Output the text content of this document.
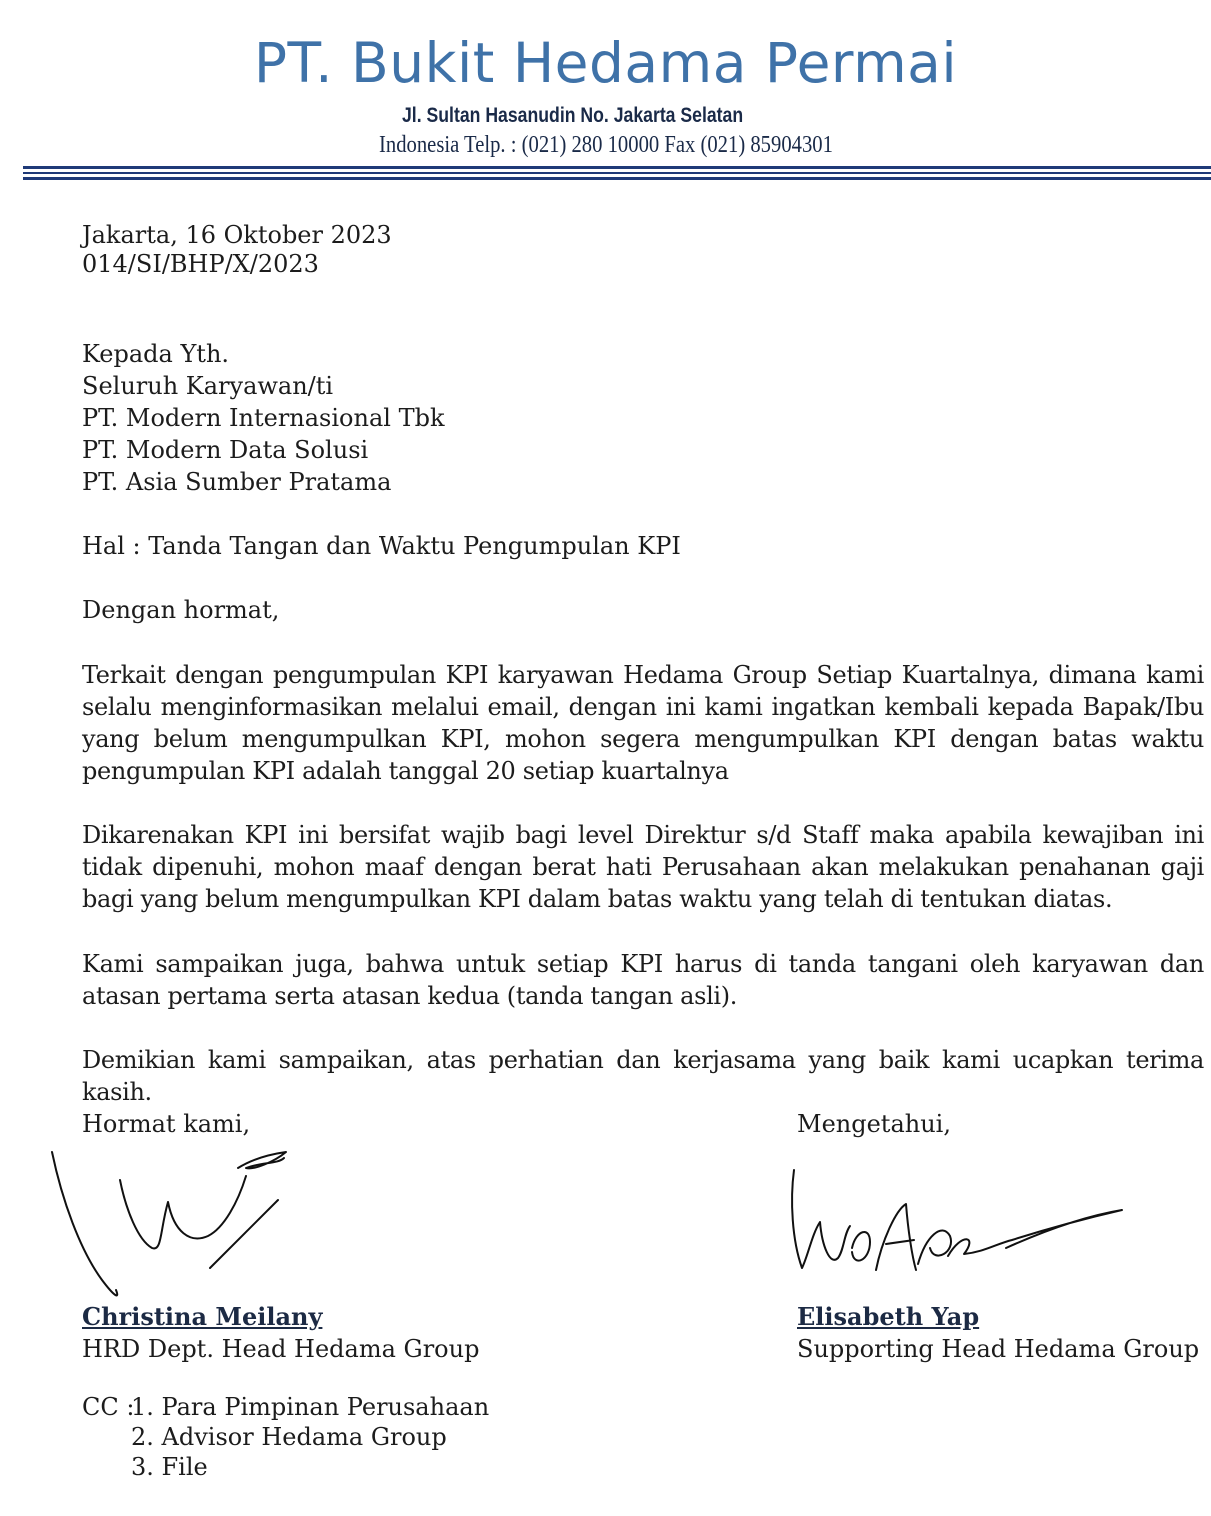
PT. Bukit Hedama Permai
Jl. Sultan Hasanudin No. Jakarta Selatan
Indonesia Telp. : (021) 280 10000 Fax (021) 85904301
Jakarta, 16 Oktober 2023
014/SI/BHP/X/2023
Kepada Yth.
Seluruh Karyawan/ti
PT. Modern Internasional Tbk
PT. Modern Data Solusi
PT. Asia Sumber Pratama
Hal : Tanda Tangan dan Waktu Pengumpulan KPI
Dengan hormat,

Terkait dengan pengumpulan KPI karyawan Hedama Group Setiap Kuartalnya, dimana kami selalu menginformasikan melalui email, dengan ini kami ingatkan kembali kepada Bapak/Ibu yang belum mengumpulkan KPI, mohon segera mengumpulkan KPI dengan batas waktu pengumpulan KPI adalah tanggal 20 setiap kuartalnya

Dikarenakan KPI ini bersifat wajib bagi level Direktur s/d Staff maka apabila kewajiban ini tidak dipenuhi, mohon maaf dengan berat hati Perusahaan akan melakukan penahanan gaji bagi yang belum mengumpulkan KPI dalam batas waktu yang telah di tentukan diatas.

Kami sampaikan juga, bahwa untuk setiap KPI harus di tanda tangani oleh karyawan dan atasan pertama serta atasan kedua (tanda tangan asli).

Demikian kami sampaikan, atas perhatian dan kerjasama yang baik kami ucapkan terima kasih.

Hormat kami,	Mengetahui,
Christina Meilany
HRD Dept. Head Hedama Group
Elisabeth Yap
Supporting Head Hedama Group
CC :
1. Para Pimpinan Perusahaan
2. Advisor Hedama Group
3. File
